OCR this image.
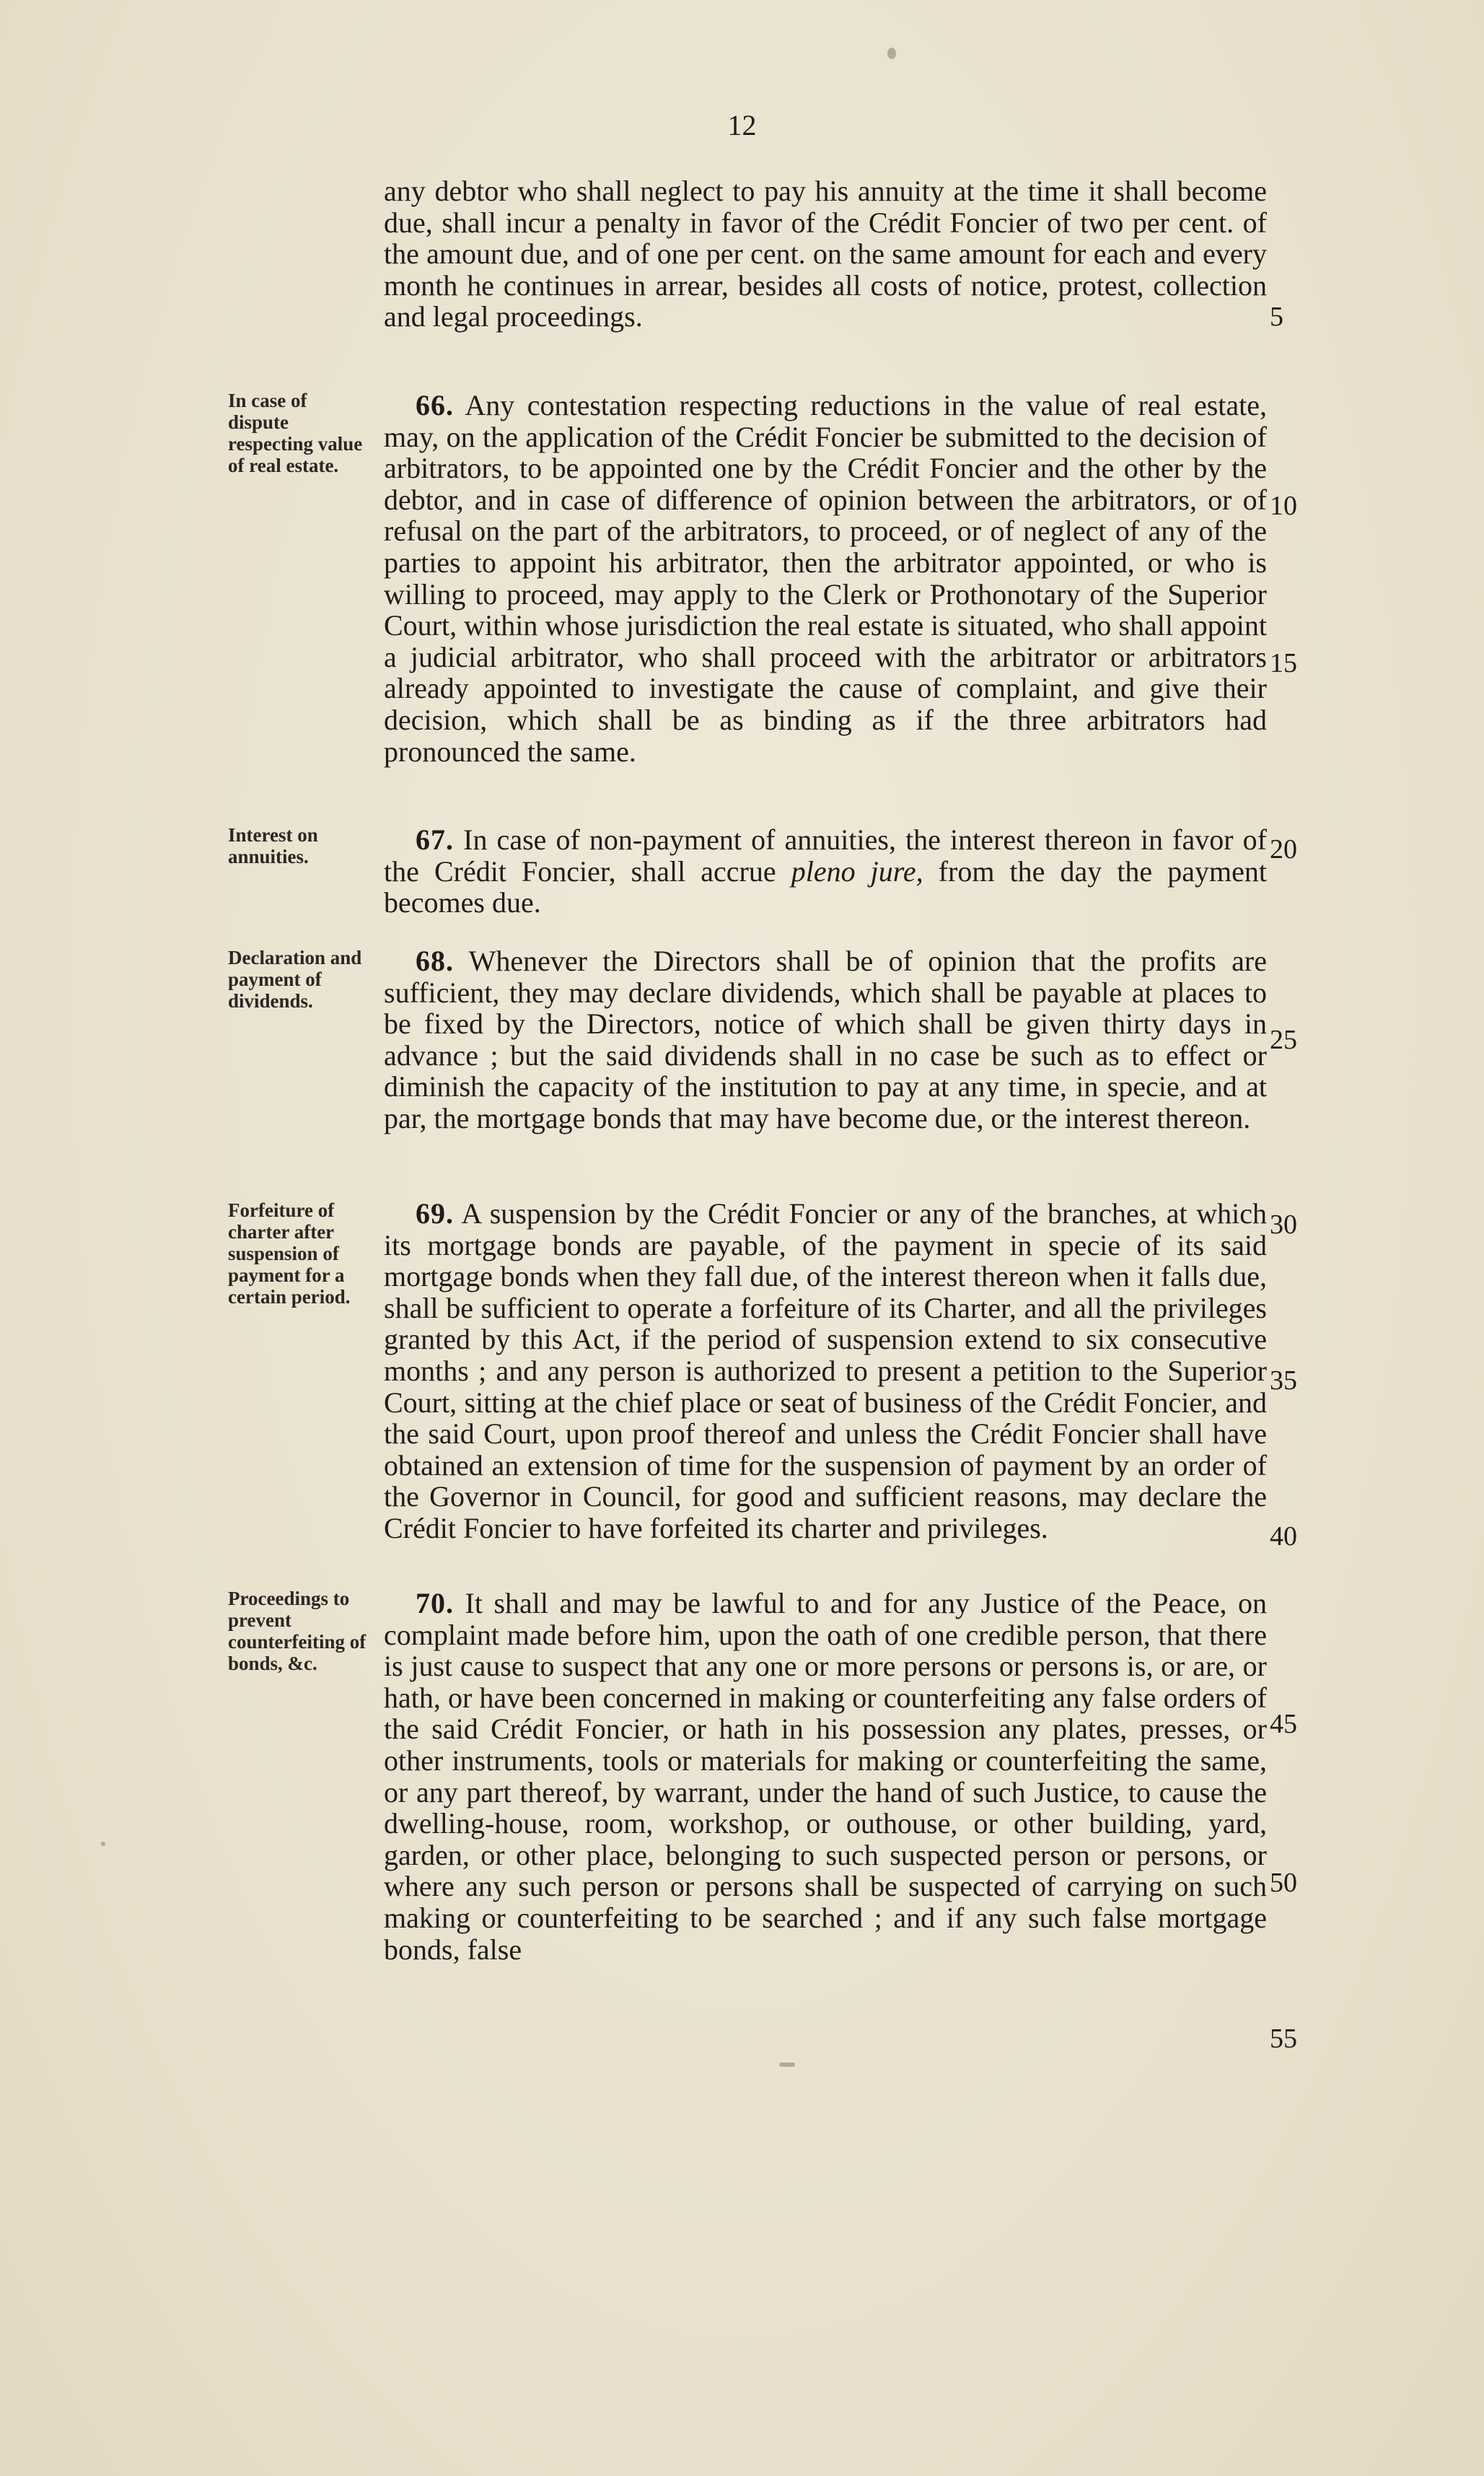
12

any debtor who shall neglect to pay his annuity at the time it shall become due, shall incur a penalty in favor of the Crédit Foncier of two per cent. of the amount due, and of one per cent. on the same amount for each and every month he continues in arrear, besides all costs of notice, protest, collection and legal proceedings.

In case of dispute respecting value of real estate.

66. Any contestation respecting reductions in the value of real estate, may, on the application of the Crédit Foncier be submitted to the decision of arbitrators, to be appointed one by the Crédit Foncier and the other by the debtor, and in case of difference of opinion between the arbitrators, or of refusal on the part of the arbitrators, to proceed, or of neglect of any of the parties to appoint his arbitrator, then the arbitrator appointed, or who is willing to proceed, may apply to the Clerk or Prothonotary of the Superior Court, within whose jurisdiction the real estate is situated, who shall appoint a judicial arbitrator, who shall proceed with the arbitrator or arbitrators already appointed to investigate the cause of complaint, and give their decision, which shall be as binding as if the three arbitrators had pronounced the same.

Interest on annuities.

67. In case of non-payment of annuities, the interest thereon in favor of the Crédit Foncier, shall accrue pleno jure, from the day the payment becomes due.

Declaration and payment of dividends.

68. Whenever the Directors shall be of opinion that the profits are sufficient, they may declare dividends, which shall be payable at places to be fixed by the Directors, notice of which shall be given thirty days in advance ; but the said dividends shall in no case be such as to effect or diminish the capacity of the institution to pay at any time, in specie, and at par, the mortgage bonds that may have become due, or the interest thereon.

Forfeiture of charter after suspension of payment for a certain period.

69. A suspension by the Crédit Foncier or any of the branches, at which its mortgage bonds are payable, of the payment in specie of its said mortgage bonds when they fall due, of the interest thereon when it falls due, shall be sufficient to operate a forfeiture of its Charter, and all the privileges granted by this Act, if the period of suspension extend to six consecutive months ; and any person is authorized to present a petition to the Superior Court, sitting at the chief place or seat of business of the Crédit Foncier, and the said Court, upon proof thereof and unless the Crédit Foncier shall have obtained an extension of time for the suspension of payment by an order of the Governor in Council, for good and sufficient reasons, may declare the Crédit Foncier to have forfeited its charter and privileges.

Proceedings to prevent counterfeiting of bonds, &c.

70. It shall and may be lawful to and for any Justice of the Peace, on complaint made before him, upon the oath of one credible person, that there is just cause to suspect that any one or more persons or persons is, or are, or hath, or have been concerned in making or counterfeiting any false orders of the said Crédit Foncier, or hath in his possession any plates, presses, or other instruments, tools or materials for making or counterfeiting the same, or any part thereof, by warrant, under the hand of such Justice, to cause the dwelling-house, room, workshop, or outhouse, or other building, yard, garden, or other place, belonging to such suspected person or persons, or where any such person or persons shall be suspected of carrying on such making or counterfeiting to be searched ; and if any such false mortgage bonds, false

5
10
15
20
25
30
35
40
45
50
55
